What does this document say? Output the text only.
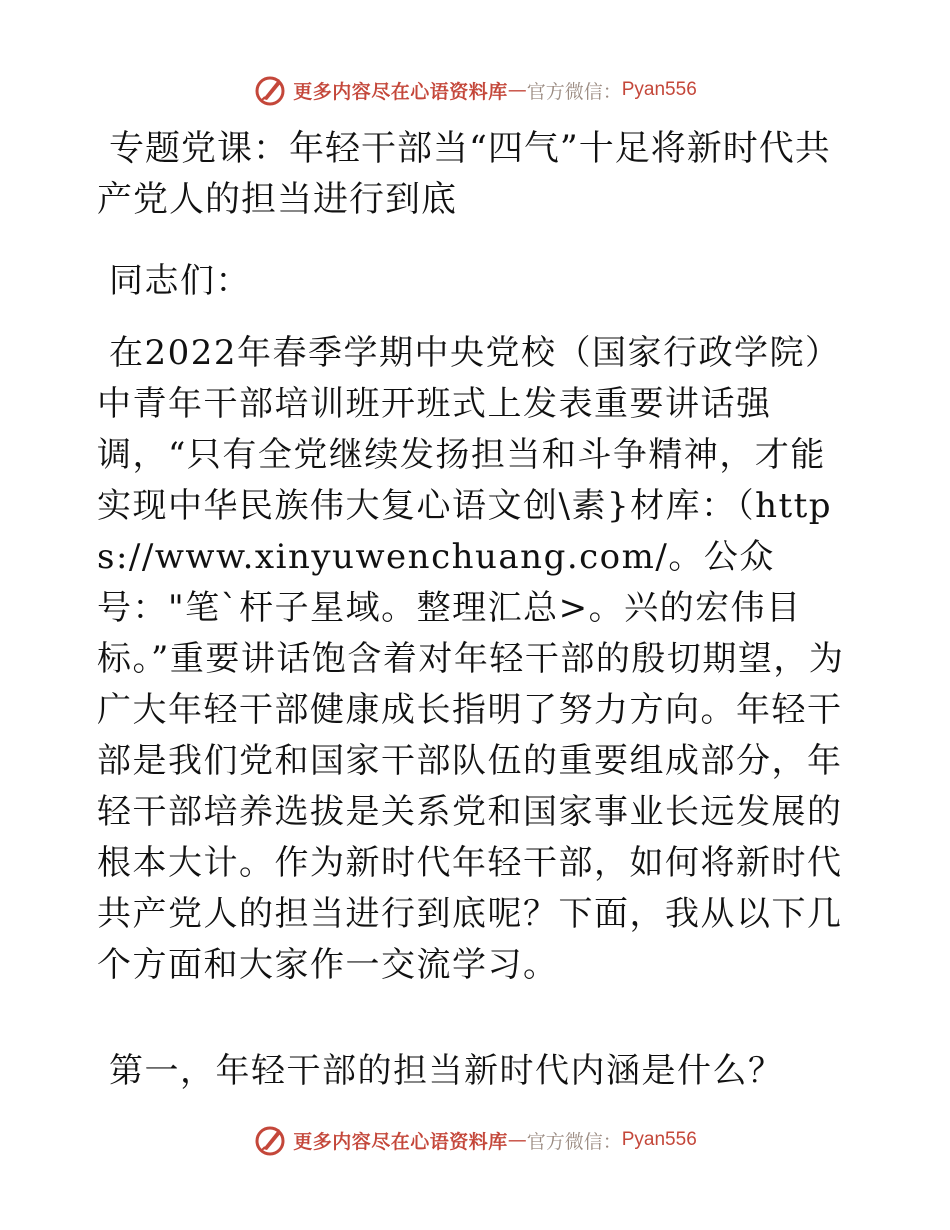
更多内容尽在心语资料库 — 官方微信： Pyan556
专题党课：年轻干部当“四气”十足将新时代共产党人的担当进行到底

同志们：

在2022年春季学期中央党校（国家行政学院）中青年干部培训班开班式上发表重要讲话强调，“只有全党继续发扬担当和斗争精神，才能实现中华民族伟大复心语文创\素}材库：（https://www.xinyuwenchuang.com/。公众号："笔`杆子星域。整理汇总>。兴的宏伟目标。”重要讲话饱含着对年轻干部的殷切期望，为广大年轻干部健康成长指明了努力方向。年轻干部是我们党和国家干部队伍的重要组成部分，年轻干部培养选拔是关系党和国家事业长远发展的根本大计。作为新时代年轻干部，如何将新时代共产党人的担当进行到底呢？下面，我从以下几个方面和大家作一交流学习。

第一，年轻干部的担当新时代内涵是什么？

更多内容尽在心语资料库 — 官方微信： Pyan556
